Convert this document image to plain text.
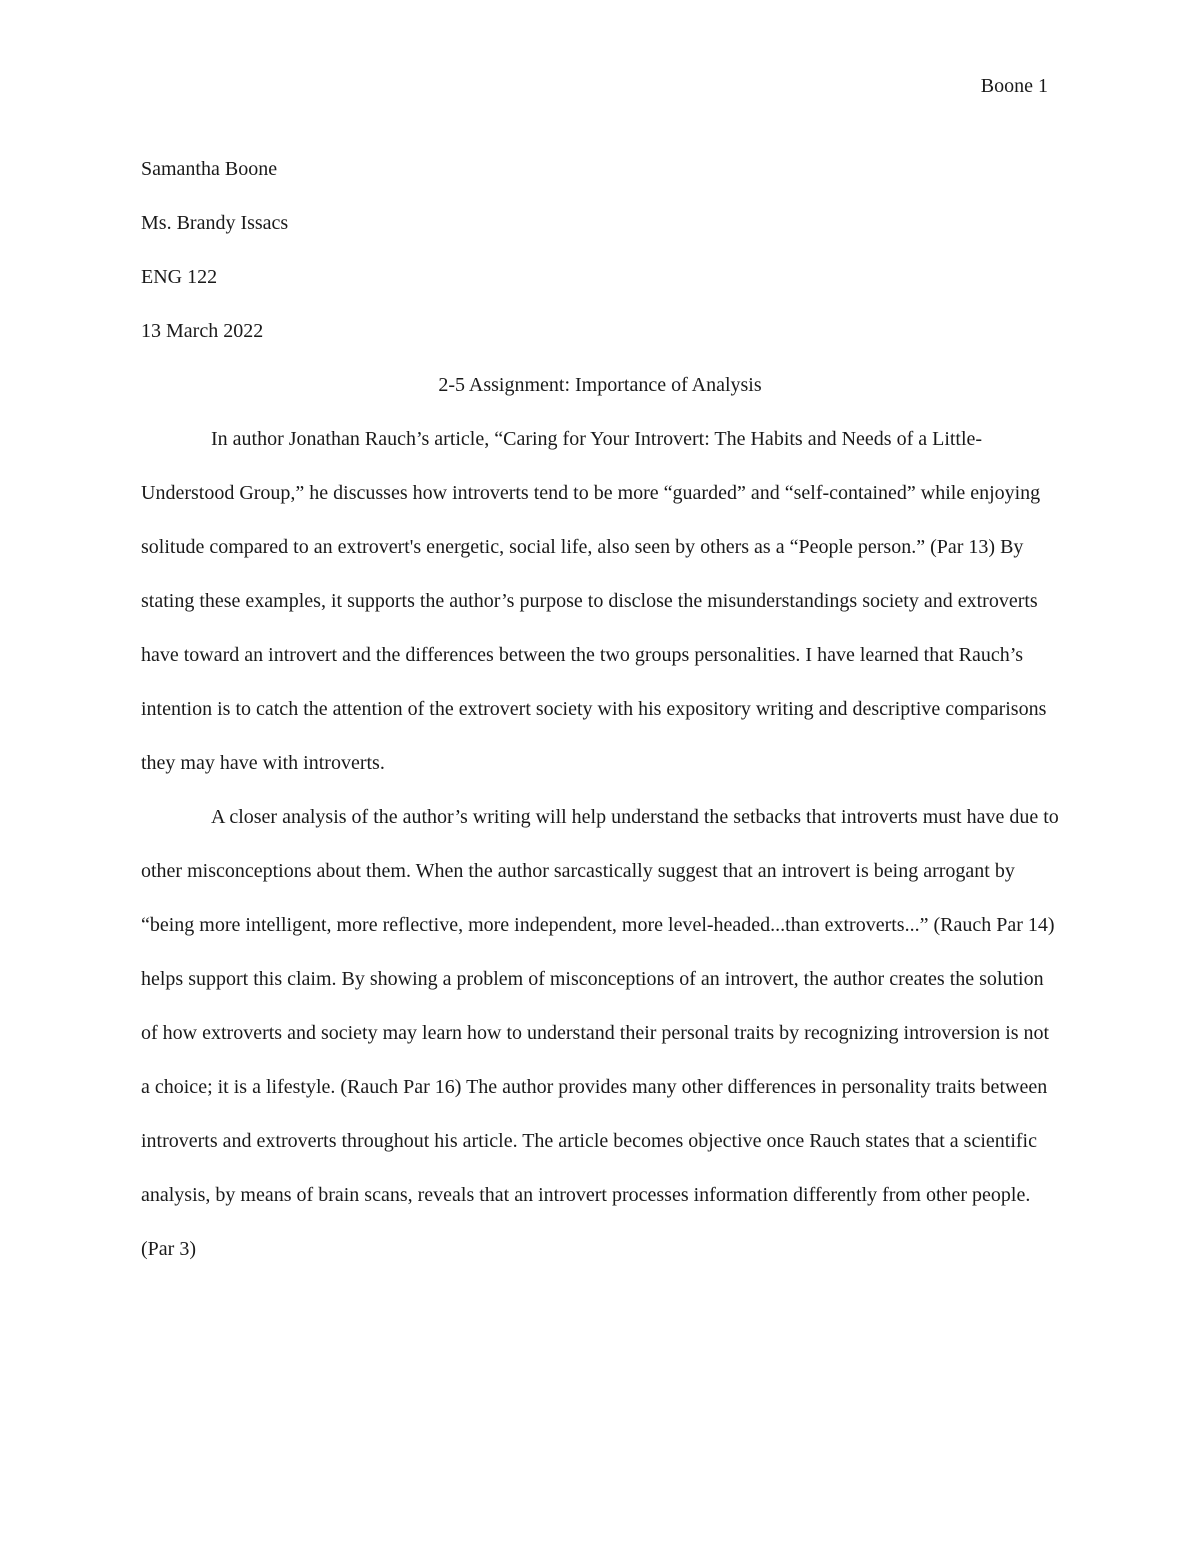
Boone 1

Samantha Boone

Ms. Brandy Issacs

ENG 122

13 March 2022

2-5 Assignment: Importance of Analysis

In author Jonathan Rauch’s article, “Caring for Your Introvert: The Habits and Needs of a Little-Understood Group,” he discusses how introverts tend to be more “guarded” and “self-contained” while enjoying solitude compared to an extrovert's energetic, social life, also seen by others as a “People person.” (Par 13) By stating these examples, it supports the author’s purpose to disclose the misunderstandings society and extroverts have toward an introvert and the differences between the two groups personalities. I have learned that Rauch’s intention is to catch the attention of the extrovert society with his expository writing and descriptive comparisons they may have with introverts.

A closer analysis of the author’s writing will help understand the setbacks that introverts must have due to other misconceptions about them. When the author sarcastically suggest that an introvert is being arrogant by “being more intelligent, more reflective, more independent, more level-headed...than extroverts...” (Rauch Par 14) helps support this claim. By showing a problem of misconceptions of an introvert, the author creates the solution of how extroverts and society may learn how to understand their personal traits by recognizing introversion is not a choice; it is a lifestyle. (Rauch Par 16) The author provides many other differences in personality traits between introverts and extroverts throughout his article. The article becomes objective once Rauch states that a scientific analysis, by means of brain scans, reveals that an introvert processes information differently from other people. (Par 3)
